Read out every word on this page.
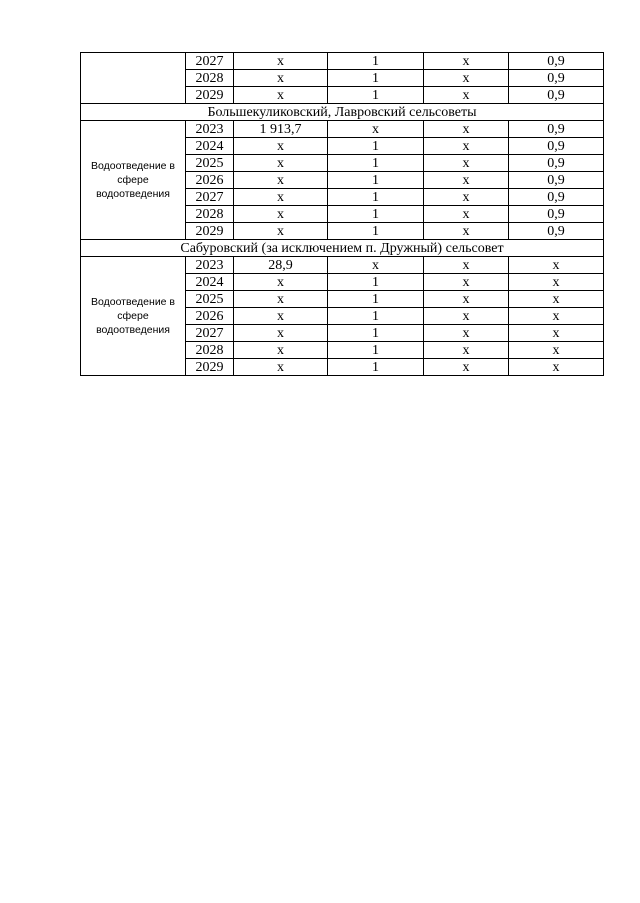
	2027	х	1	х	0,9
	2028	х	1	х	0,9
	2029	х	1	х	0,9
Большекуликовский, Лавровский сельсоветы					
Водоотведение в сфере водоотведения	2023	1 913,7	х	х	0,9
	2024	х	1	х	0,9
	2025	х	1	х	0,9
	2026	х	1	х	0,9
	2027	х	1	х	0,9
	2028	х	1	х	0,9
	2029	х	1	х	0,9
Сабуровский (за исключением п. Дружный) сельсовет					
Водоотведение в сфере водоотведения	2023	28,9	х	х	х
	2024	х	1	х	х
	2025	х	1	х	х
	2026	х	1	х	х
	2027	х	1	х	х
	2028	х	1	х	х
	2029	х	1	х	х
